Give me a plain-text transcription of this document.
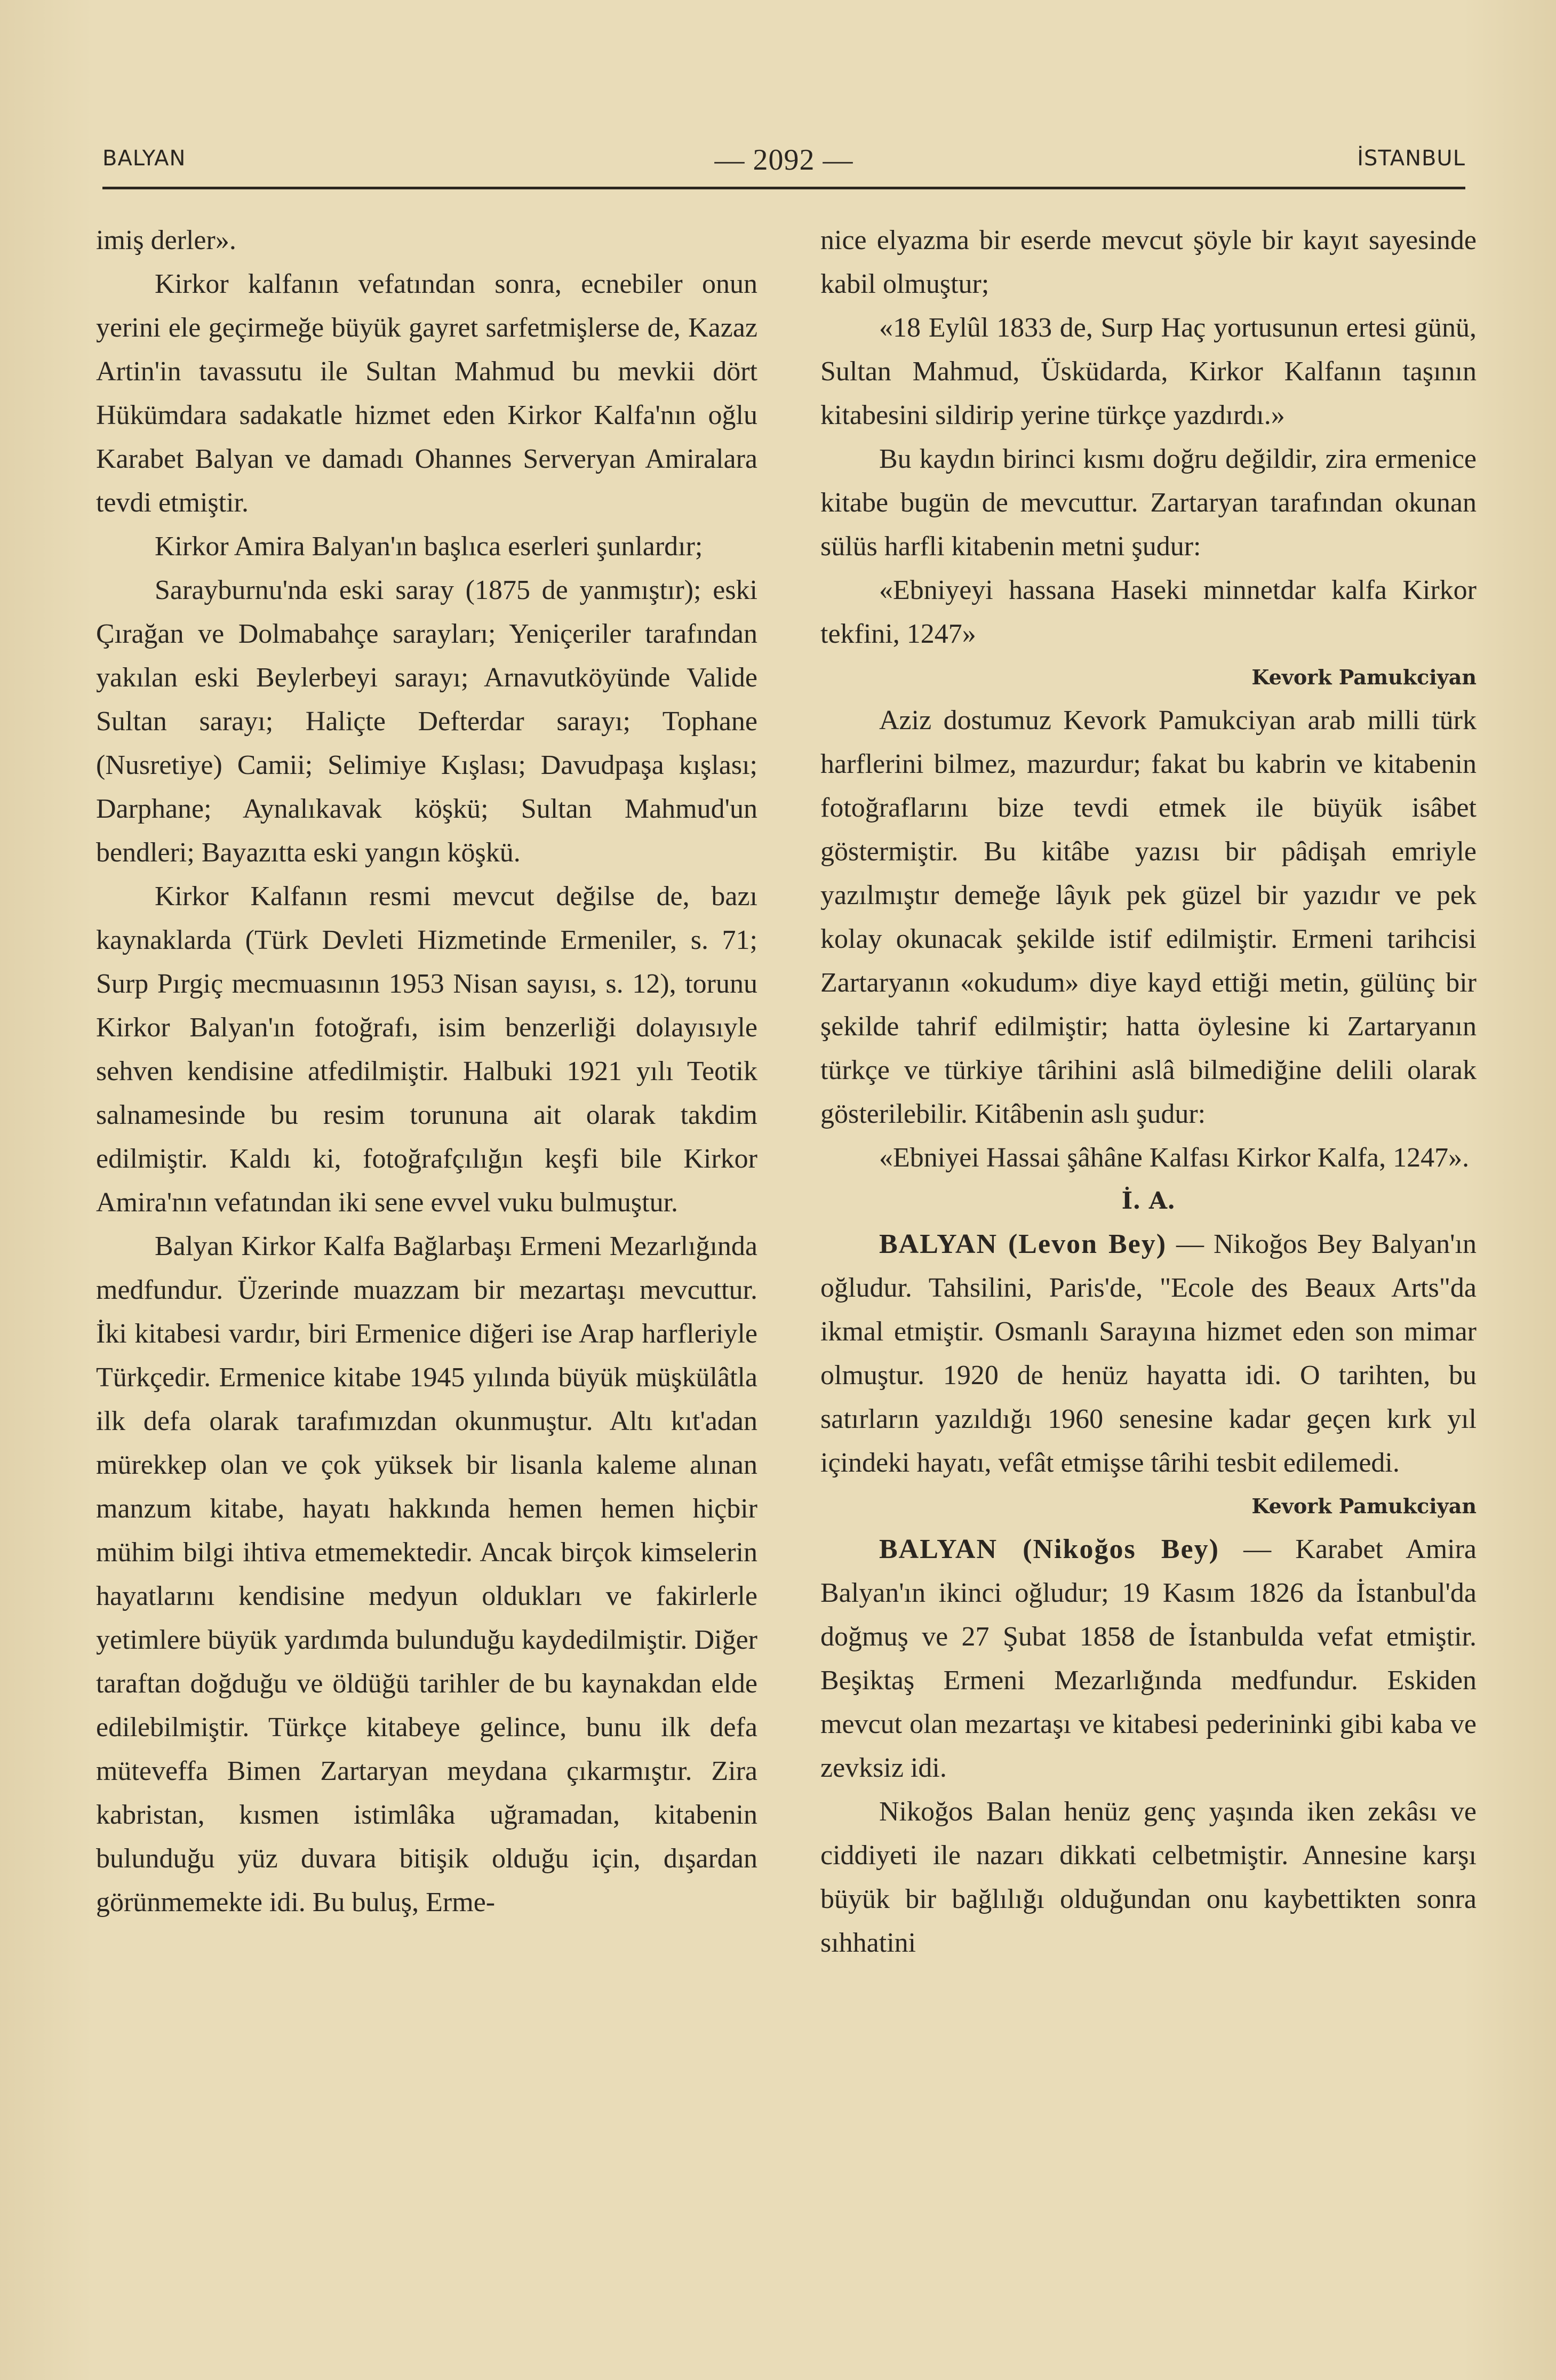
BALYAN	— 2092 —	İSTANBUL

imiş derler».

Kirkor kalfanın vefatından sonra, ecnebiler onun yerini ele geçirmeğe büyük gayret sarfetmişlerse de, Kazaz Artin'in tavassutu ile Sultan Mahmud bu mevkii dört Hükümdara sadakatle hizmet eden Kirkor Kalfa'nın oğlu Karabet Balyan ve damadı Ohannes Serveryan Amiralara tevdi etmiştir.

Kirkor Amira Balyan'ın başlıca eserleri şunlardır;

Sarayburnu'nda eski saray (1875 de yanmıştır); eski Çırağan ve Dolmabahçe sarayları; Yeniçeriler tarafından yakılan eski Beylerbeyi sarayı; Arnavutköyünde Valide Sultan sarayı; Haliçte Defterdar sarayı; Tophane (Nusretiye) Camii; Selimiye Kışlası; Davudpaşa kışlası; Darphane; Aynalıkavak köşkü; Sultan Mahmud'un bendleri; Bayazıtta eski yangın köşkü.

Kirkor Kalfanın resmi mevcut değilse de, bazı kaynaklarda (Türk Devleti Hizmetinde Ermeniler, s. 71; Surp Pırgiç mecmuasının 1953 Nisan sayısı, s. 12), torunu Kirkor Balyan'ın fotoğrafı, isim benzerliği dolayısıyle sehven kendisine atfedilmiştir. Halbuki 1921 yılı Teotik salnamesinde bu resim torununa ait olarak takdim edilmiştir. Kaldı ki, fotoğrafçılığın keşfi bile Kirkor Amira'nın vefatından iki sene evvel vuku bulmuştur.

Balyan Kirkor Kalfa Bağlarbaşı Ermeni Mezarlığında medfundur. Üzerinde muazzam bir mezartaşı mevcuttur. İki kitabesi vardır, biri Ermenice diğeri ise Arap harfleriyle Türkçedir. Ermenice kitabe 1945 yılında büyük müşkülâtla ilk defa olarak tarafımızdan okunmuştur. Altı kıt'adan mürekkep olan ve çok yüksek bir lisanla kaleme alınan manzum kitabe, hayatı hakkında hemen hemen hiçbir mühim bilgi ihtiva etmemektedir. Ancak birçok kimselerin hayatlarını kendisine medyun oldukları ve fakirlerle yetimlere büyük yardımda bulunduğu kaydedilmiştir. Diğer taraftan doğduğu ve öldüğü tarihler de bu kaynakdan elde edilebilmiştir. Türkçe kitabeye gelince, bunu ilk defa müteveffa Bimen Zartaryan meydana çıkarmıştır. Zira kabristan, kısmen istimlâka uğramadan, kitabenin bulunduğu yüz duvara bitişik olduğu için, dışardan görünmemekte idi. Bu buluş, Erme-

nice elyazma bir eserde mevcut şöyle bir kayıt sayesinde kabil olmuştur;

«18 Eylûl 1833 de, Surp Haç yortusunun ertesi günü, Sultan Mahmud, Üsküdarda, Kirkor Kalfanın taşının kitabesini sildirip yerine türkçe yazdırdı.»

Bu kaydın birinci kısmı doğru değildir, zira ermenice kitabe bugün de mevcuttur. Zartaryan tarafından okunan sülüs harfli kitabenin metni şudur:

«Ebniyeyi hassana Haseki minnetdar kalfa Kirkor tekfini, 1247»

Kevork Pamukciyan

Aziz dostumuz Kevork Pamukciyan arab milli türk harflerini bilmez, mazurdur; fakat bu kabrin ve kitabenin fotoğraflarını bize tevdi etmek ile büyük isâbet göstermiştir. Bu kitâbe yazısı bir pâdişah emriyle yazılmıştır demeğe lâyık pek güzel bir yazıdır ve pek kolay okunacak şekilde istif edilmiştir. Ermeni tarihcisi Zartaryanın «okudum» diye kayd ettiği metin, gülünç bir şekilde tahrif edilmiştir; hatta öylesine ki Zartaryanın türkçe ve türkiye târihini aslâ bilmediğine delili olarak gösterilebilir. Kitâbenin aslı şudur:

«Ebniyei Hassai şâhâne Kalfası Kirkor Kalfa, 1247».

İ. A.

BALYAN (Levon Bey) — Nikoğos Bey Balyan'ın oğludur. Tahsilini, Paris'de, "Ecole des Beaux Arts"da ikmal etmiştir. Osmanlı Sarayına hizmet eden son mimar olmuştur. 1920 de henüz hayatta idi. O tarihten, bu satırların yazıldığı 1960 senesine kadar geçen kırk yıl içindeki hayatı, vefât etmişse târihi tesbit edilemedi.

Kevork Pamukciyan

BALYAN (Nikoğos Bey) — Karabet Amira Balyan'ın ikinci oğludur; 19 Kasım 1826 da İstanbul'da doğmuş ve 27 Şubat 1858 de İstanbulda vefat etmiştir. Beşiktaş Ermeni Mezarlığında medfundur. Eskiden mevcut olan mezartaşı ve kitabesi pederininki gibi kaba ve zevksiz idi.

Nikoğos Balan henüz genç yaşında iken zekâsı ve ciddiyeti ile nazarı dikkati celbetmiştir. Annesine karşı büyük bir bağlılığı olduğundan onu kaybettikten sonra sıhhatini
